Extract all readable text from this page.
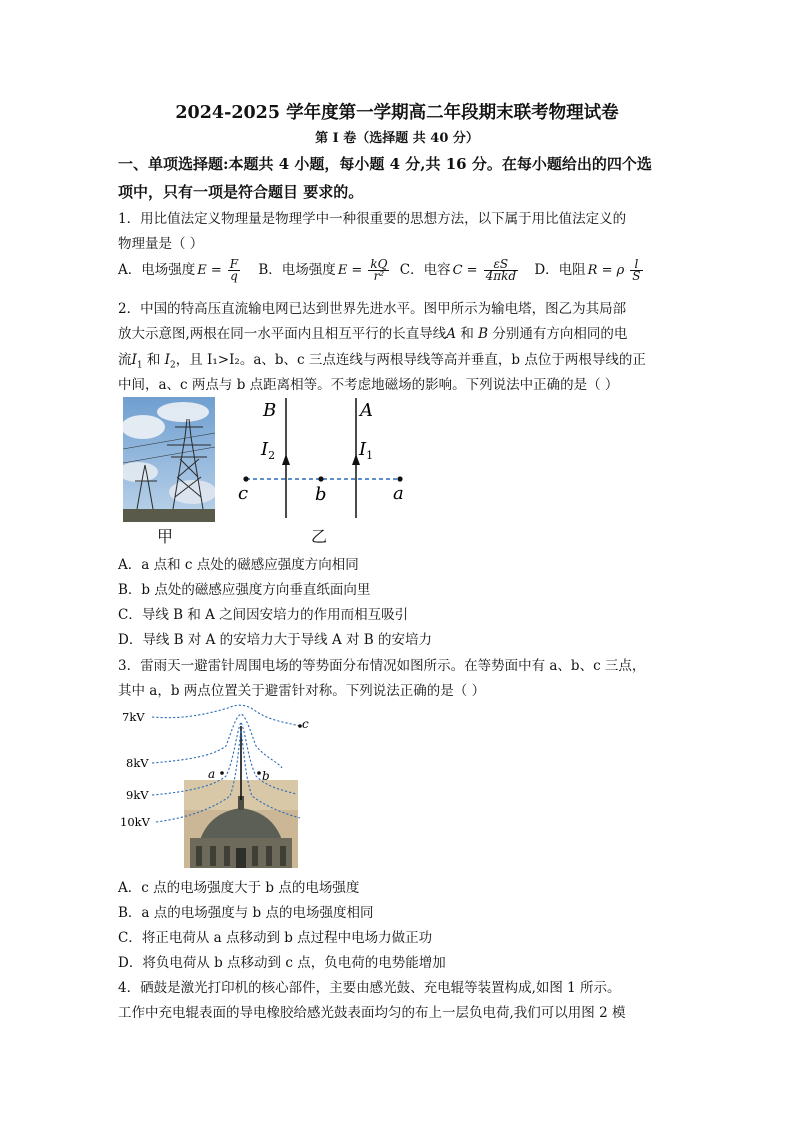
2024-2025 学年度第一学期高二年段期末联考物理试卷
第 I 卷（选择题 共 40 分）
一、单项选择题:本题共 4 小题，每小题 4 分,共 16 分。在每小题给出的四个选
项中，只有一项是符合题目 要求的。
1．用比值法定义物理量是物理学中一种很重要的思想方法，以下属于用比值法定义的
物理量是（ ）
A．电场强度 $E = \frac{F}{q}$ B．电场强度 $E = \frac{kQ}{\text{r²}}$ C．电容 $C = \frac{\varepsilon S}{\text{4πkd}}$ D．电阻 R = ρ $\frac{l}{S}$
2．中国的特高压直流输电网已达到世界先进水平。图甲所示为输电塔，图乙为其局部
放大示意图,两根在同一水平面内且相互平行的长直导线A 和 B 分别通有方向相同的电
流$I_1$ 和 $I_2$，且 I₁>I₂。a、b、c 三点连线与两根导线等高并垂直，b 点位于两根导线的正
中间，a、c 两点与 b 点距离相等。不考虑地磁场的影响。下列说法中正确的是（ ）
甲
B	A
$I_2$	$I_1$
c	b	a
乙
A．a 点和 c 点处的磁感应强度方向相同
B．b 点处的磁感应强度方向垂直纸面向里
C．导线 B 和 A 之间因安培力的作用而相互吸引
D．导线 B 对 A 的安培力大于导线 A 对 B 的安培力
3．雷雨天一避雷针周围电场的等势面分布情况如图所示。在等势面中有 a、b、c 三点，
其中 a，b 两点位置关于避雷针对称。下列说法正确的是（ ）
7kV
8kV
9kV
10kV
c
a	b
A．c 点的电场强度大于 b 点的电场强度
B．a 点的电场强度与 b 点的电场强度相同
C．将正电荷从 a 点移动到 b 点过程中电场力做正功
D．将负电荷从 b 点移动到 c 点，负电荷的电势能增加
4．硒鼓是激光打印机的核心部件，主要由感光鼓、充电辊等装置构成,如图 1 所示。
工作中充电辊表面的导电橡胶给感光鼓表面均匀的布上一层负电荷,我们可以用图 2 模
